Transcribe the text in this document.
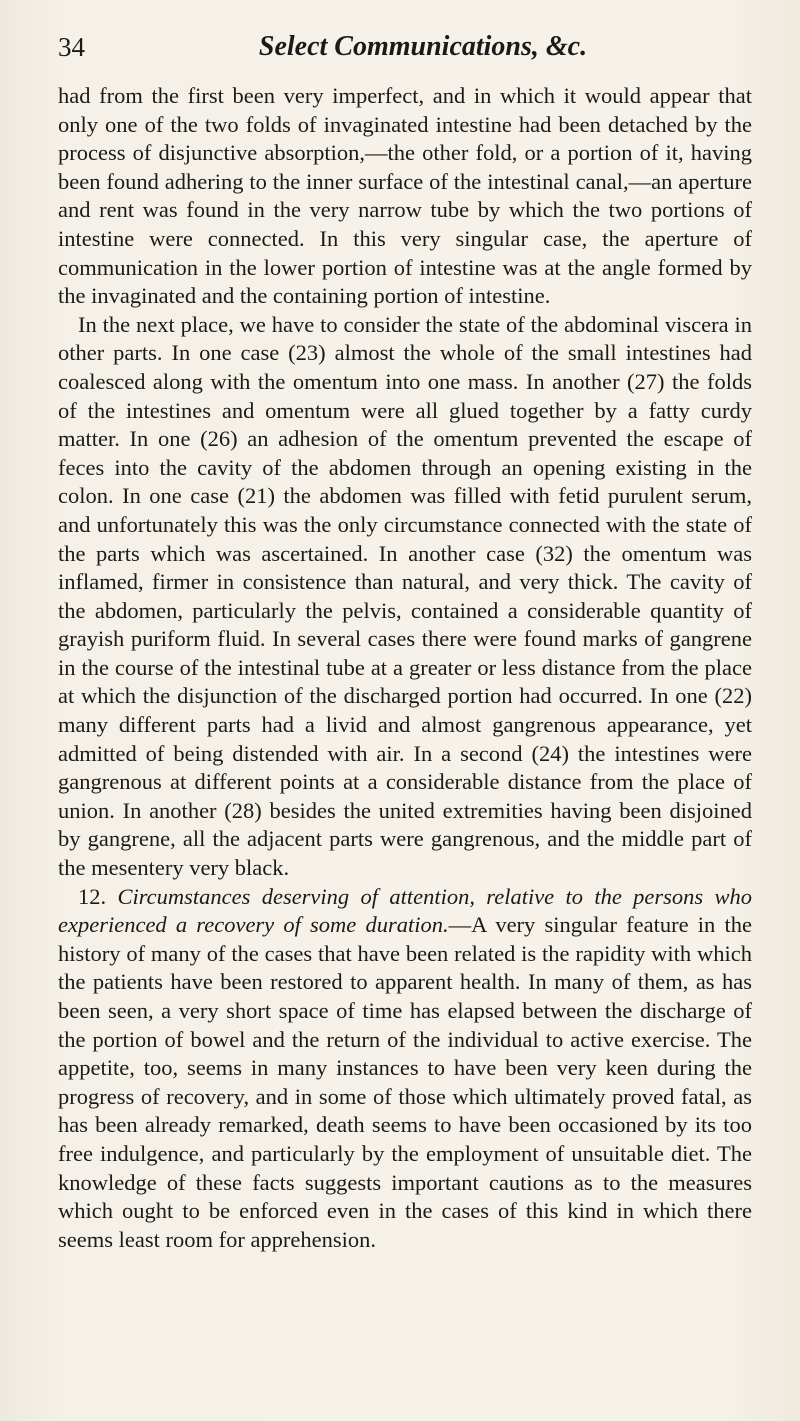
34	Select Communications, &c.

had from the first been very imperfect, and in which it would appear that only one of the two folds of invaginated intestine had been detached by the process of disjunctive absorption,—the other fold, or a portion of it, having been found adhering to the inner surface of the intestinal canal,—an aperture and rent was found in the very narrow tube by which the two portions of intestine were connected. In this very singular case, the aperture of communication in the lower portion of intestine was at the angle formed by the invaginated and the containing portion of intestine.

In the next place, we have to consider the state of the abdominal viscera in other parts. In one case (23) almost the whole of the small intestines had coalesced along with the omentum into one mass. In another (27) the folds of the intestines and omentum were all glued together by a fatty curdy matter. In one (26) an adhesion of the omentum prevented the escape of feces into the cavity of the abdomen through an opening existing in the colon. In one case (21) the abdomen was filled with fetid purulent serum, and unfortunately this was the only circumstance connected with the state of the parts which was ascertained. In another case (32) the omentum was inflamed, firmer in consistence than natural, and very thick. The cavity of the abdomen, particularly the pelvis, contained a considerable quantity of grayish puriform fluid. In several cases there were found marks of gangrene in the course of the intestinal tube at a greater or less distance from the place at which the disjunction of the discharged portion had occurred. In one (22) many different parts had a livid and almost gangrenous appearance, yet admitted of being distended with air. In a second (24) the intestines were gangrenous at different points at a considerable distance from the place of union. In another (28) besides the united extremities having been disjoined by gangrene, all the adjacent parts were gangrenous, and the middle part of the mesentery very black.

12. Circumstances deserving of attention, relative to the persons who experienced a recovery of some duration.—A very singular feature in the history of many of the cases that have been related is the rapidity with which the patients have been restored to apparent health. In many of them, as has been seen, a very short space of time has elapsed between the discharge of the portion of bowel and the return of the individual to active exercise. The appetite, too, seems in many instances to have been very keen during the progress of recovery, and in some of those which ultimately proved fatal, as has been already remarked, death seems to have been occasioned by its too free indulgence, and particularly by the employment of unsuitable diet. The knowledge of these facts suggests important cautions as to the measures which ought to be enforced even in the cases of this kind in which there seems least room for apprehension.
